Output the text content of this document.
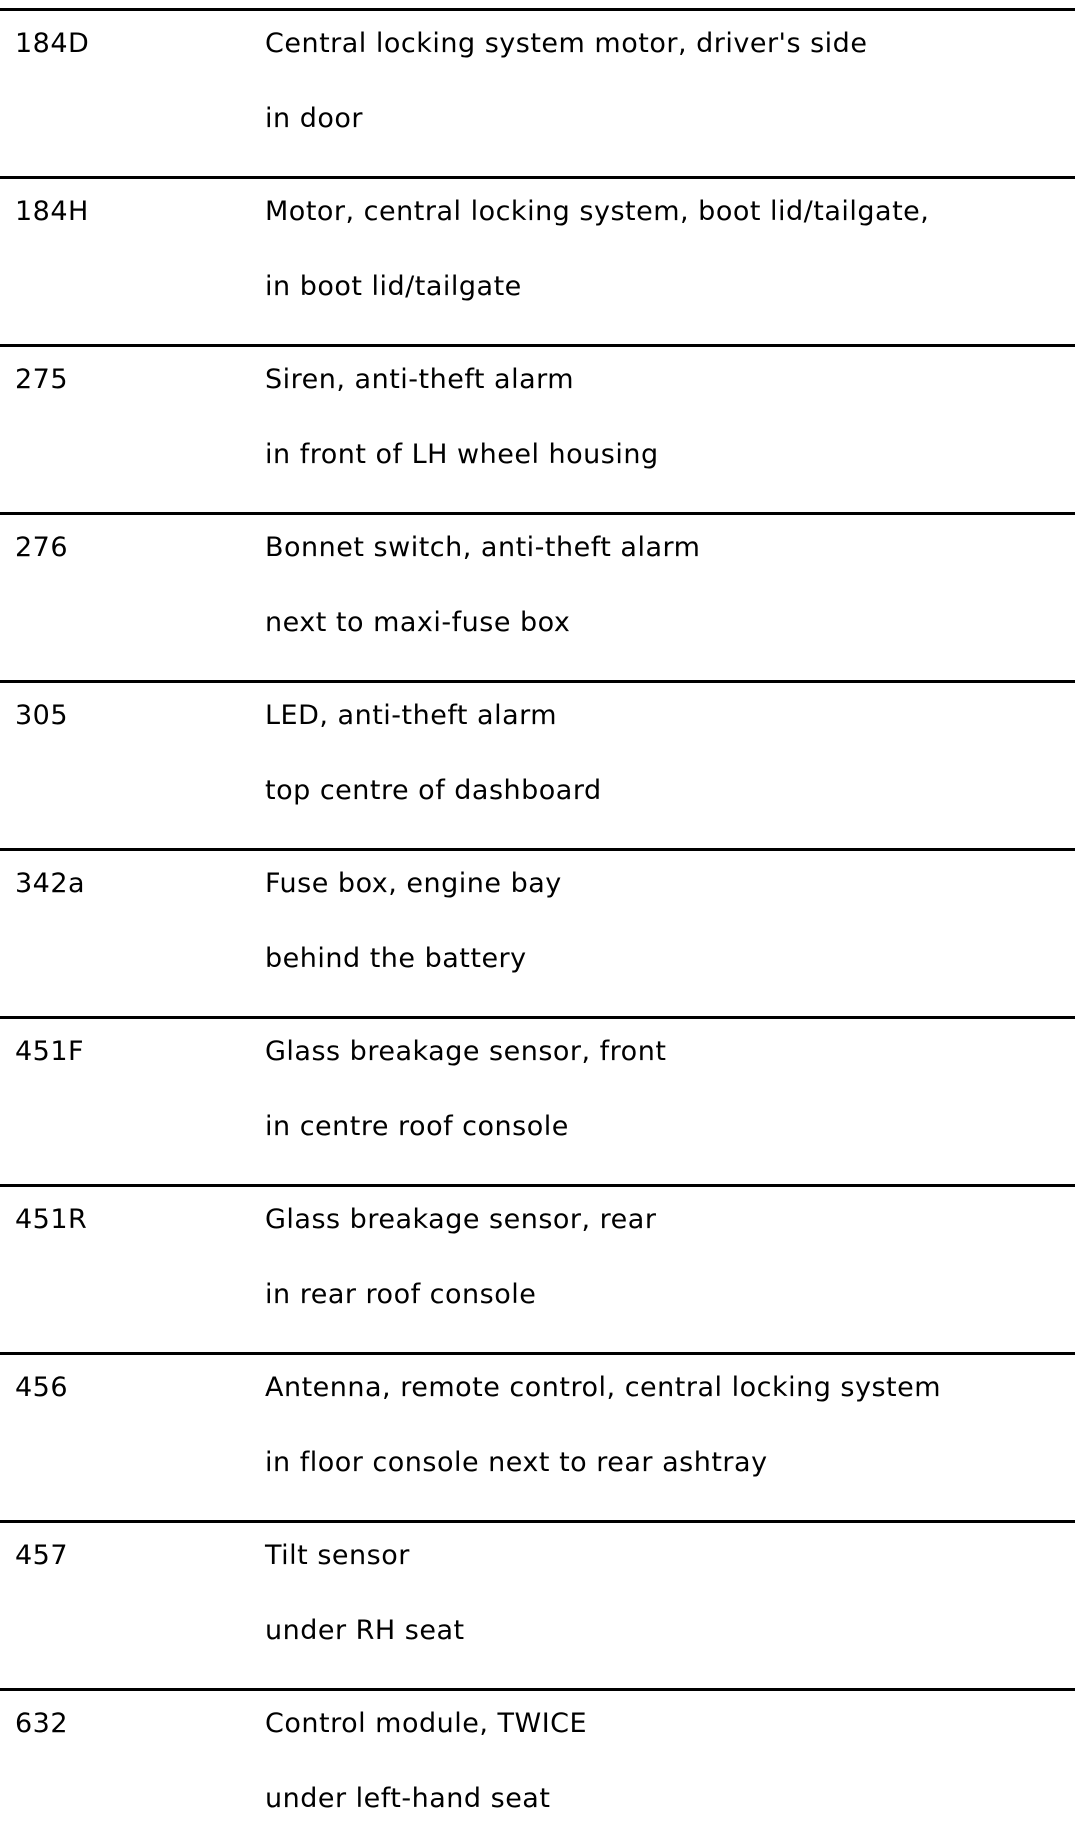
184D	Central locking system motor, driver's side
in door
184H	Motor, central locking system, boot lid/tailgate,
in boot lid/tailgate
275	Siren, anti-theft alarm
in front of LH wheel housing
276	Bonnet switch, anti-theft alarm
next to maxi-fuse box
305	LED, anti-theft alarm
top centre of dashboard
342a	Fuse box, engine bay
behind the battery
451F	Glass breakage sensor, front
in centre roof console
451R	Glass breakage sensor, rear
in rear roof console
456	Antenna, remote control, central locking system
in floor console next to rear ashtray
457	Tilt sensor
under RH seat
632	Control module, TWICE
under left-hand seat
